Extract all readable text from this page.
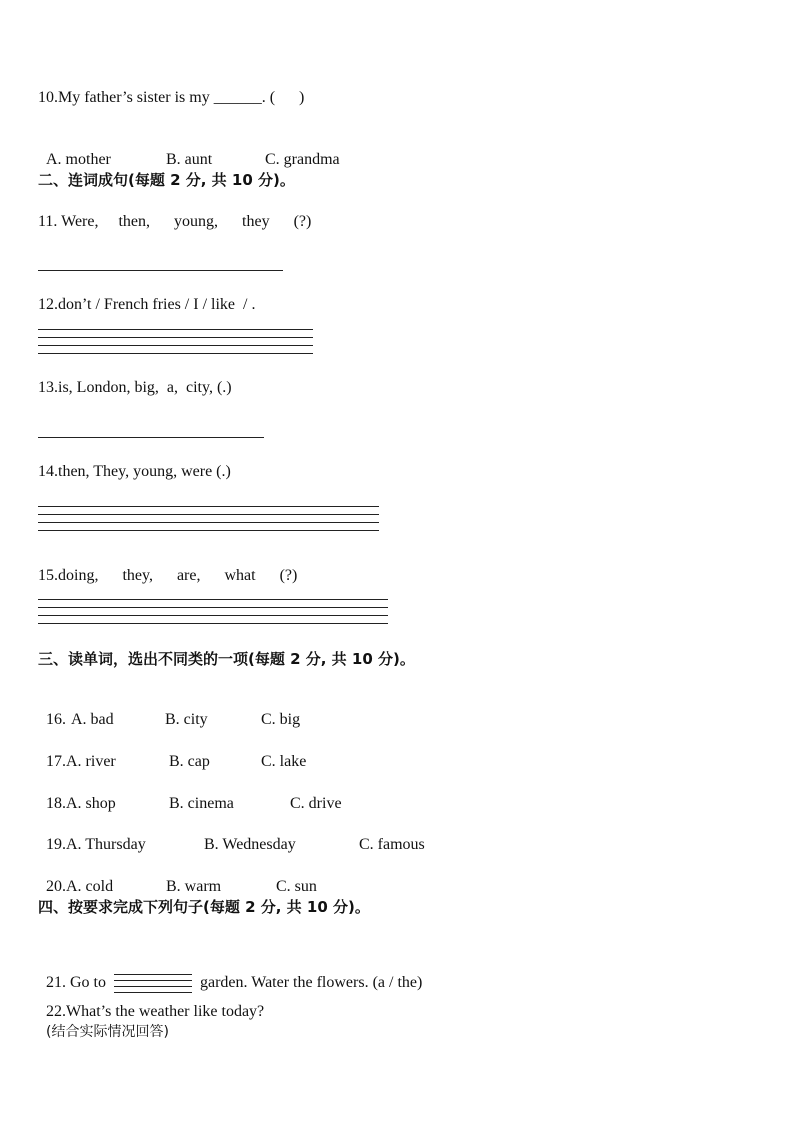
10.My father’s sister is my ______. (      )

A. mother	B. aunt	C. grandma

二、连词成句(每题 2 分, 共 10 分)。
11. Were,     then,      young,      they      (?)
12.don’t / French fries / I / like  / .
13.is, London, big,  a,  city, (.)
14.then, They, young, were (.)
15.doing,      they,      are,      what      (?)
三、读单词，选出不同类的一项(每题 2 分, 共 10 分)。

16. A. bad	B. city	C. big

17.A. river	B. cap	C. lake

18.A. shop	B. cinema	C. drive

19.A. Thursday	B. Wednesday	C. famous

20.A. cold	B. warm	C. sun

四、按要求完成下列句子(每题 2 分, 共 10 分)。

21. Go to	garden. Water the flowers. (a / the)

22.What’s the weather like today?
(结合实际情况回答)
